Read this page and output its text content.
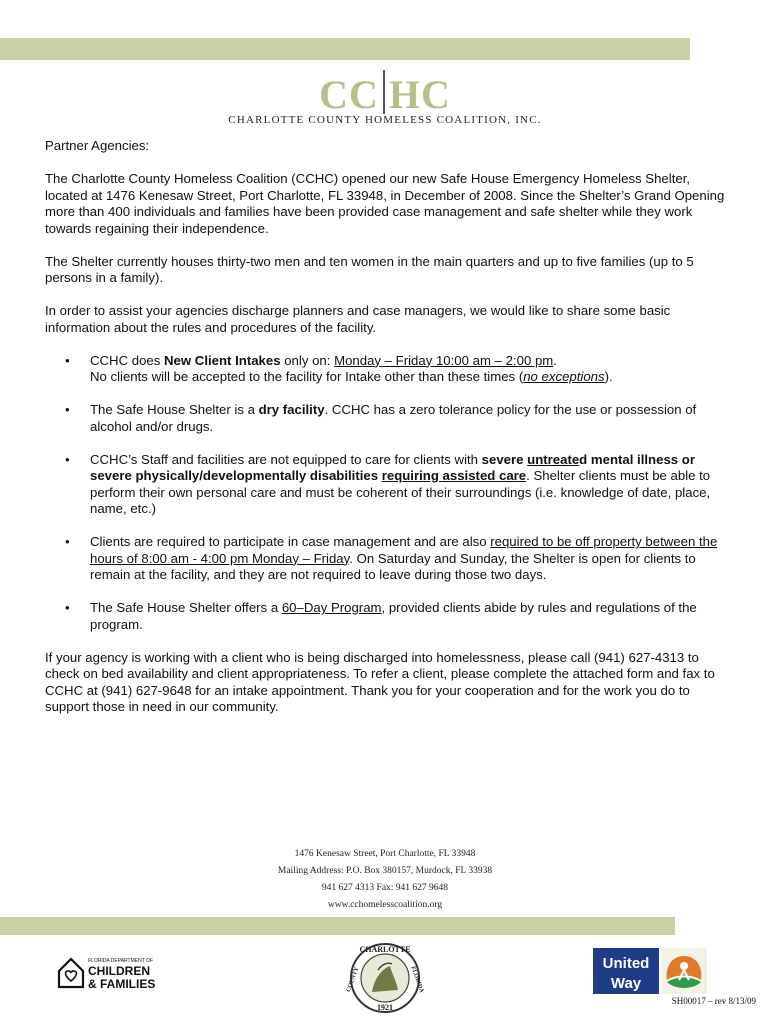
CC HC
CHARLOTTE COUNTY HOMELESS COALITION, INC.

Partner Agencies:

The Charlotte County Homeless Coalition (CCHC) opened our new Safe House Emergency Homeless Shelter, located at 1476 Kenesaw Street, Port Charlotte, FL 33948, in December of 2008. Since the Shelter’s Grand Opening more than 400 individuals and families have been provided case management and safe shelter while they work towards regaining their independence.

The Shelter currently houses thirty-two men and ten women in the main quarters and up to five families (up to 5 persons in a family).

In order to assist your agencies discharge planners and case managers, we would like to share some basic information about the rules and procedures of the facility.

• CCHC does New Client Intakes only on: Monday – Friday 10:00 am – 2:00 pm.
No clients will be accepted to the facility for Intake other than these times (no exceptions).
• The Safe House Shelter is a dry facility. CCHC has a zero tolerance policy for the use or possession of alcohol and/or drugs.
• CCHC’s Staff and facilities are not equipped to care for clients with severe untreated mental illness or severe physically/developmentally disabilities requiring assisted care. Shelter clients must be able to perform their own personal care and must be coherent of their surroundings (i.e. knowledge of date, place, name, etc.)
• Clients are required to participate in case management and are also required to be off property between the hours of 8:00 am - 4:00 pm Monday – Friday. On Saturday and Sunday, the Shelter is open for clients to remain at the facility, and they are not required to leave during those two days.
• The Safe House Shelter offers a 60–Day Program, provided clients abide by rules and regulations of the program.

If your agency is working with a client who is being discharged into homelessness, please call (941) 627-4313 to check on bed availability and client appropriateness. To refer a client, please complete the attached form and fax to CCHC at (941) 627-9648 for an intake appointment. Thank you for your cooperation and for the work you do to support those in need in our community.

1476 Kenesaw Street, Port Charlotte, FL 33948
Mailing Address: P.O. Box 380157, Murdock, FL 33938
941 627 4313 Fax: 941 627 9648
www.cchomelesscoalition.org
FLORIDA DEPARTMENT OF
CHILDREN
& FAMILIES
CHARLOTTE
COUNTY	FLORIDA
1921
United
Way
SH00017 – rev 8/13/09
